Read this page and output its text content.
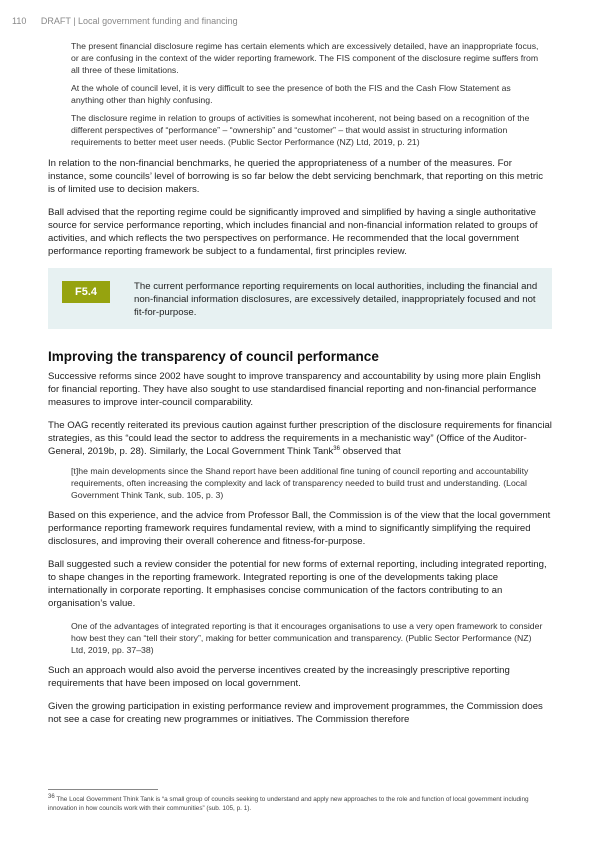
110 DRAFT | Local government funding and financing

The present financial disclosure regime has certain elements which are excessively detailed, have an inappropriate focus, or are confusing in the context of the wider reporting framework. The FIS component of the disclosure regime suffers from all three of these limitations.

At the whole of council level, it is very difficult to see the presence of both the FIS and the Cash Flow Statement as anything other than highly confusing.

The disclosure regime in relation to groups of activities is somewhat incoherent, not being based on a recognition of the different perspectives of “performance” – “ownership” and “customer” – that would assist in structuring information requirements to better meet user needs. (Public Sector Performance (NZ) Ltd, 2019, p. 21)

In relation to the non-financial benchmarks, he queried the appropriateness of a number of the measures. For instance, some councils’ level of borrowing is so far below the debt servicing benchmark, that reporting on this metric is of limited use to decision makers.

Ball advised that the reporting regime could be significantly improved and simplified by having a single authoritative source for service performance reporting, which includes financial and non-financial information related to groups of activities, and which reflects the two perspectives on performance. He recommended that the local government performance reporting framework be subject to a fundamental, first principles review.

F5.4	The current performance reporting requirements on local authorities, including the financial and non-financial information disclosures, are excessively detailed, inappropriately focused and not fit-for-purpose.
Improving the transparency of council performance

Successive reforms since 2002 have sought to improve transparency and accountability by using more plain English for financial reporting. They have also sought to use standardised financial reporting and non-financial performance measures to improve inter-council comparability.

The OAG recently reiterated its previous caution against further prescription of the disclosure requirements for financial strategies, as this “could lead the sector to address the requirements in a mechanistic way” (Office of the Auditor-General, 2019b, p. 28). Similarly, the Local Government Think Tank$^{36}$ observed that

[t]he main developments since the Shand report have been additional fine tuning of council reporting and accountability requirements, often increasing the complexity and lack of transparency needed to build trust and understanding. (Local Government Think Tank, sub. 105, p. 3)

Based on this experience, and the advice from Professor Ball, the Commission is of the view that the local government performance reporting framework requires fundamental review, with a mind to significantly simplifying the required disclosures, and improving their overall coherence and fitness-for-purpose.

Ball suggested such a review consider the potential for new forms of external reporting, including integrated reporting, to shape changes in the reporting framework. Integrated reporting is one of the developments taking place internationally in corporate reporting. It emphasises concise communication of the factors contributing to an organisation’s value.

One of the advantages of integrated reporting is that it encourages organisations to use a very open framework to consider how best they can “tell their story”, making for better communication and transparency. (Public Sector Performance (NZ) Ltd, 2019, pp. 37–38)

Such an approach would also avoid the perverse incentives created by the increasingly prescriptive reporting requirements that have been imposed on local government.

Given the growing participation in existing performance review and improvement programmes, the Commission does not see a case for creating new programmes or initiatives. The Commission therefore

$^{36}$ The Local Government Think Tank is “a small group of councils seeking to understand and apply new approaches to the role and function of local government including innovation in how councils work with their communities” (sub. 105, p. 1).
